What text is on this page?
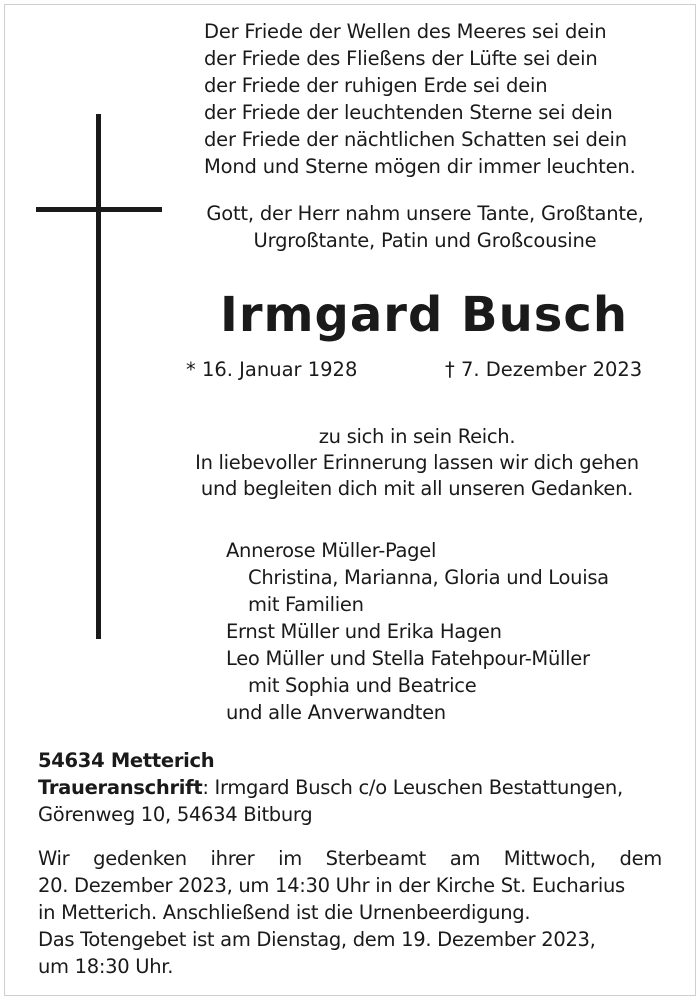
Der Friede der Wellen des Meeres sei dein
der Friede des Fließens der Lüfte sei dein
der Friede der ruhigen Erde sei dein
der Friede der leuchtenden Sterne sei dein
der Friede der nächtlichen Schatten sei dein
Mond und Sterne mögen dir immer leuchten.
Gott, der Herr nahm unsere Tante, Großtante,
Urgroßtante, Patin und Großcousine
Irmgard Busch
* 16. Januar 1928	† 7. Dezember 2023
zu sich in sein Reich.
In liebevoller Erinnerung lassen wir dich gehen
und begleiten dich mit all unseren Gedanken.
Annerose Müller-Pagel
Christina, Marianna, Gloria und Louisa
mit Familien
Ernst Müller und Erika Hagen
Leo Müller und Stella Fatehpour-Müller
mit Sophia und Beatrice
und alle Anverwandten
54634 Metterich
Traueranschrift: Irmgard Busch c/o Leuschen Bestattungen,
Görenweg 10, 54634 Bitburg
Wir gedenken ihrer im Sterbeamt am Mittwoch, dem
20. Dezember 2023, um 14:30 Uhr in der Kirche St. Eucharius
in Metterich. Anschließend ist die Urnenbeerdigung.
Das Totengebet ist am Dienstag, dem 19. Dezember 2023,
um 18:30 Uhr.
